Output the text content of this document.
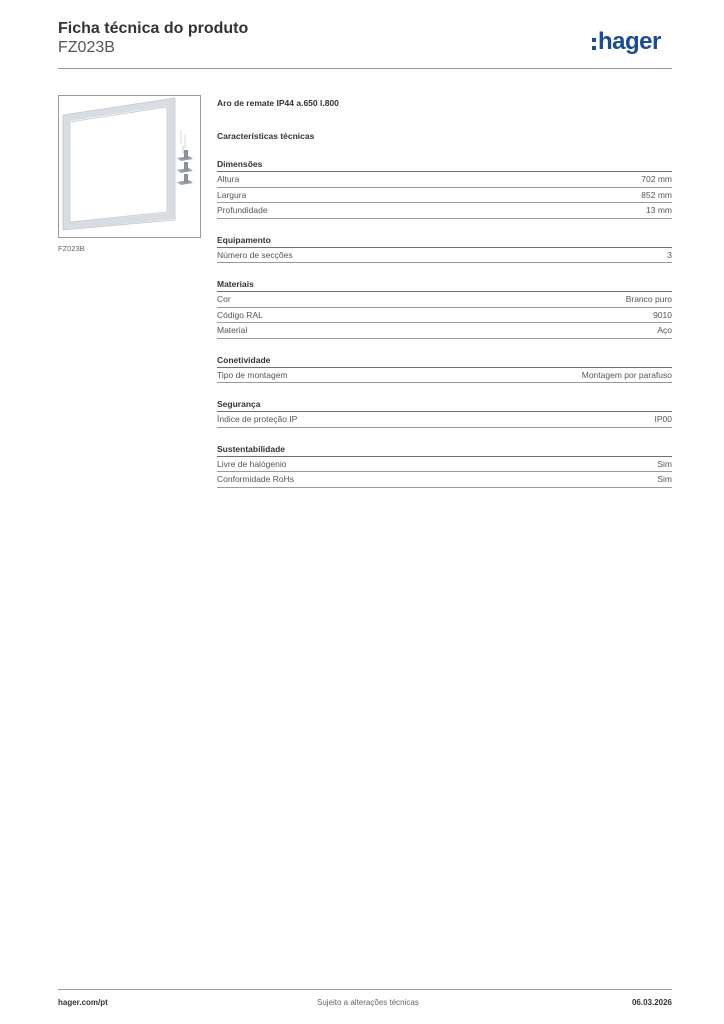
Ficha técnica do produto
FZ023B	hager
FZ023B
Aro de remate IP44 a.650 l.800
Características técnicas
Dimensões
Altura	702 mm
Largura	852 mm
Profundidade	13 mm
Equipamento
Número de secções	3
Materiais
Cor	Branco puro
Código RAL	9010
Material	Aço
Conetividade
Tipo de montagem	Montagem por parafuso
Segurança
Índice de proteção IP	IP00
Sustentabilidade
Livre de halógenio	Sim
Conformidade RoHs	Sim
hager.com/pt	Sujeito a alterações técnicas	06.03.2026
